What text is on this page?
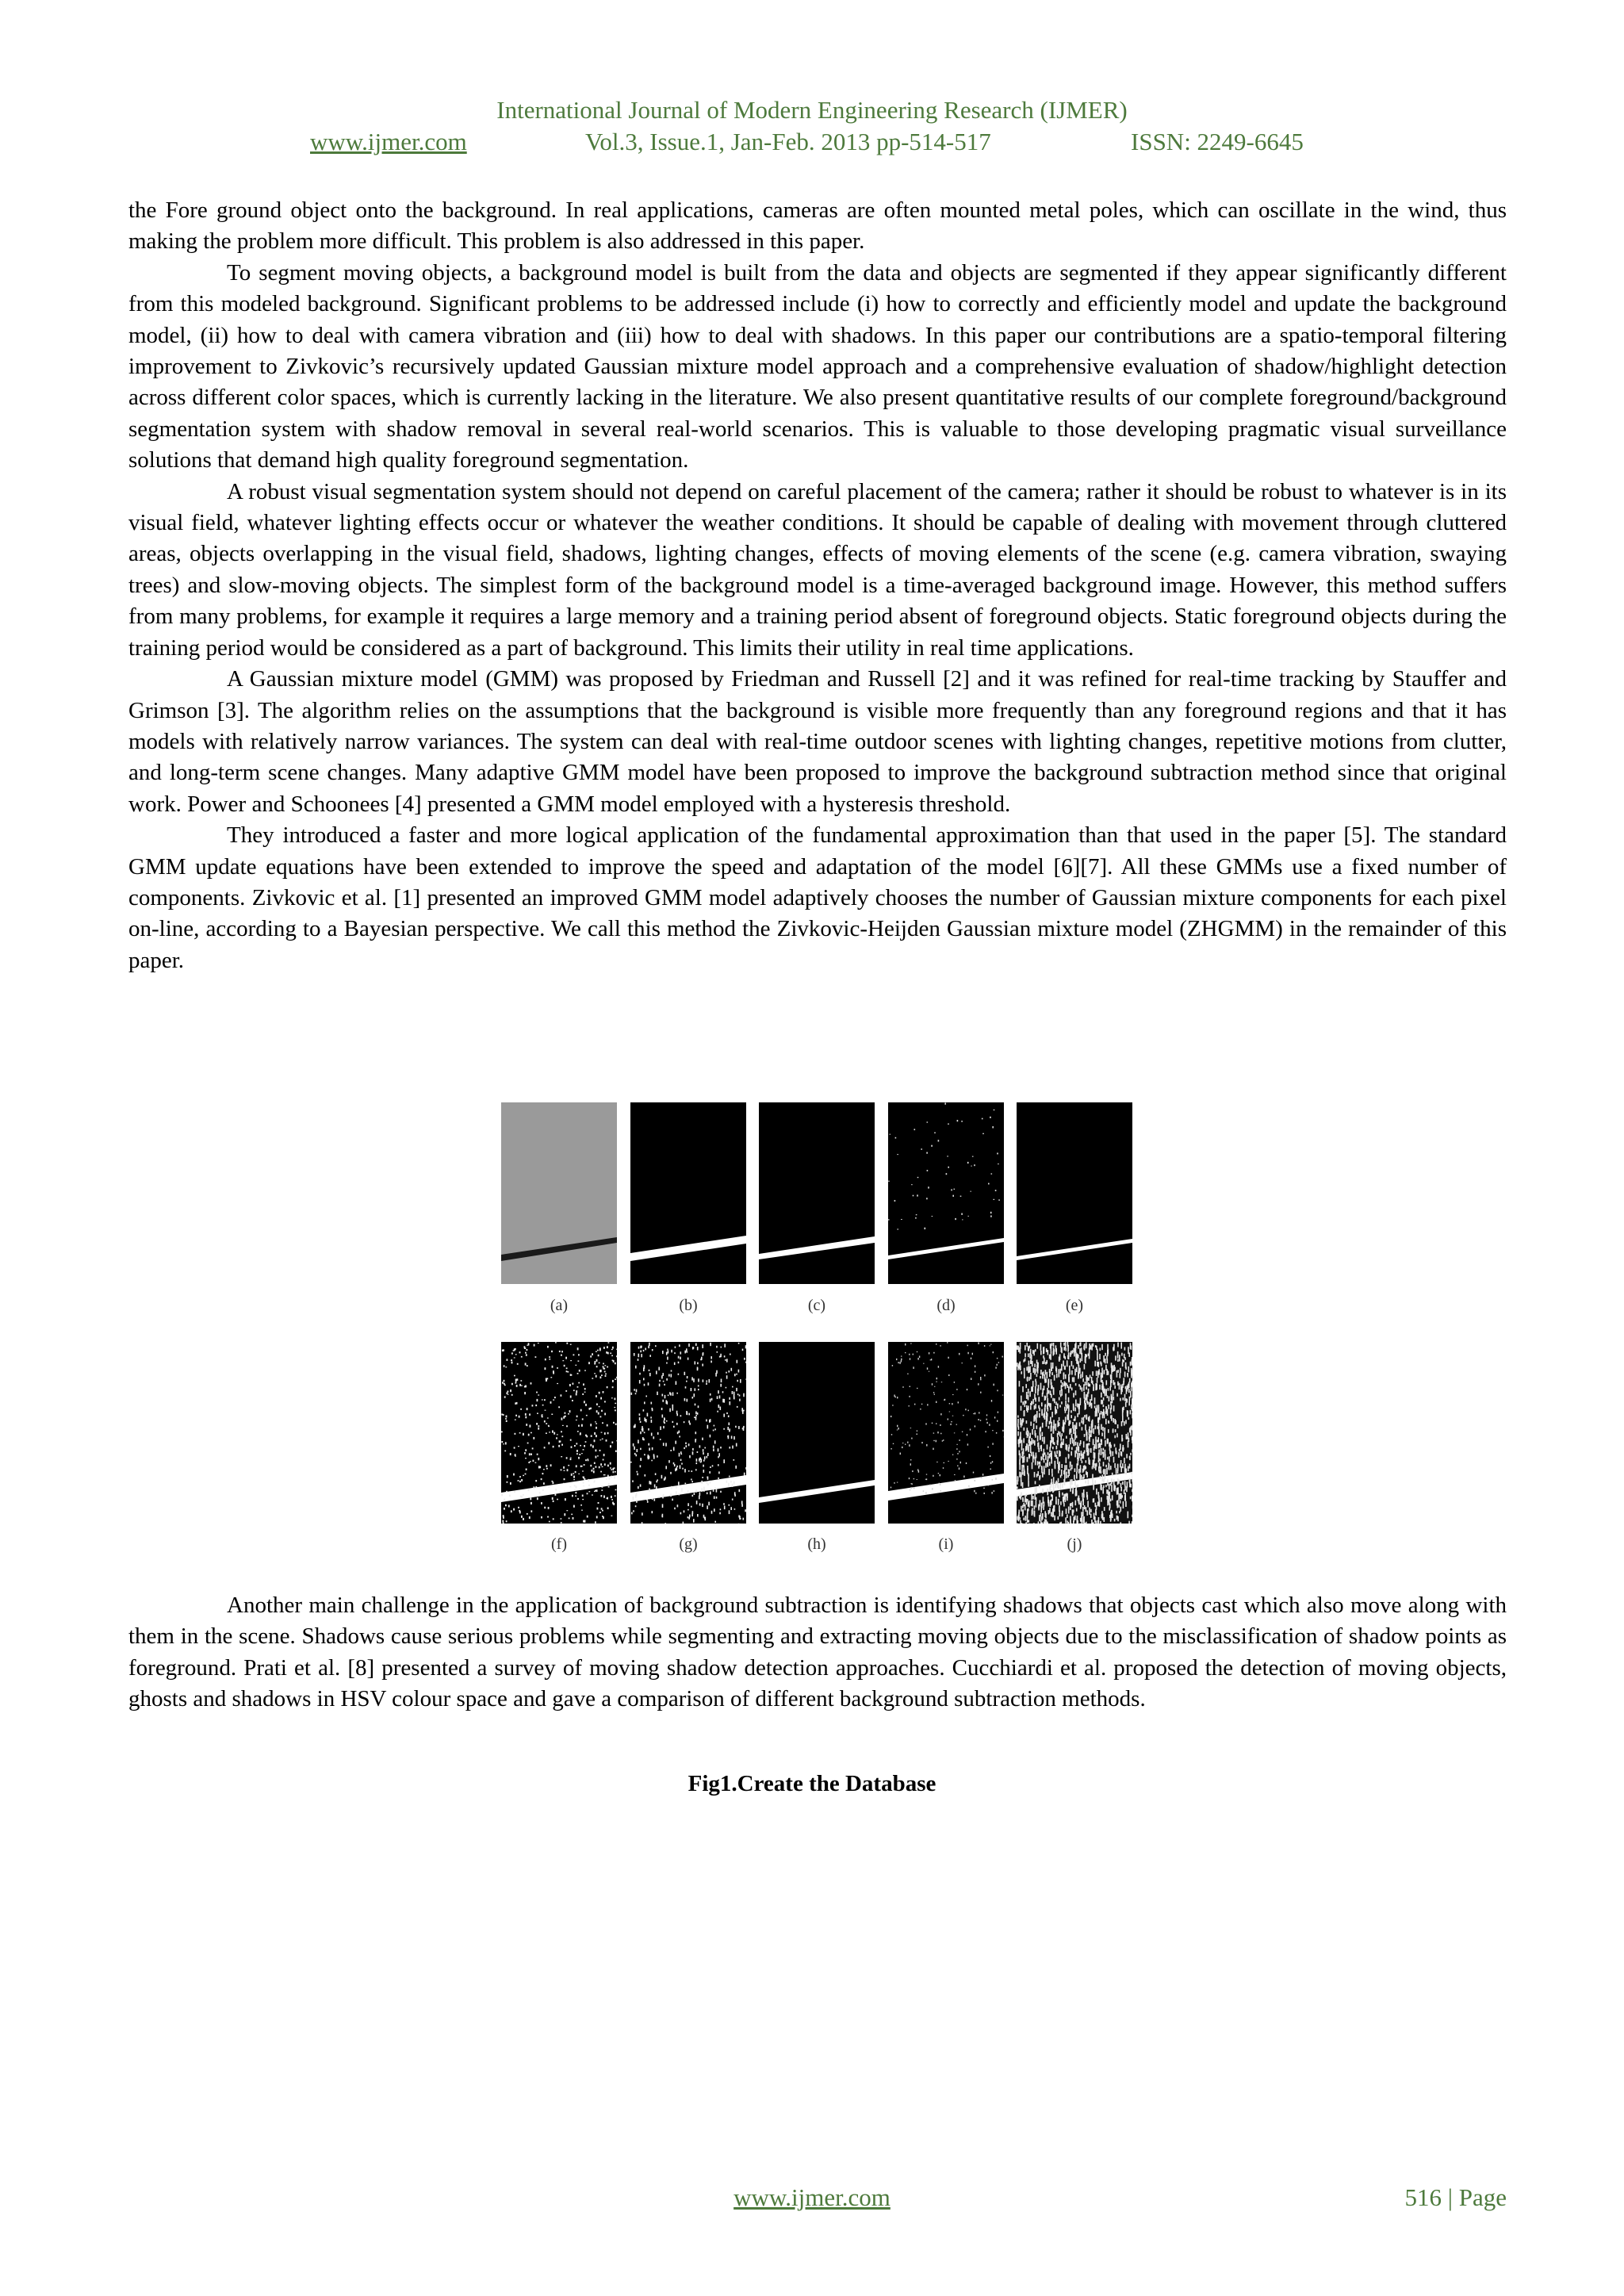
International Journal of Modern Engineering Research (IJMER)
www.ijmer.com	Vol.3, Issue.1, Jan-Feb. 2013 pp-514-517	ISSN: 2249-6645

the Fore ground object onto the background. In real applications, cameras are often mounted metal poles, which can oscillate in the wind, thus making the problem more difficult. This problem is also addressed in this paper.

To segment moving objects, a background model is built from the data and objects are segmented if they appear significantly different from this modeled background. Significant problems to be addressed include (i) how to correctly and efficiently model and update the background model, (ii) how to deal with camera vibration and (iii) how to deal with shadows. In this paper our contributions are a spatio-temporal filtering improvement to Zivkovic’s recursively updated Gaussian mixture model approach and a comprehensive evaluation of shadow/highlight detection across different color spaces, which is currently lacking in the literature. We also present quantitative results of our complete foreground/background segmentation system with shadow removal in several real-world scenarios. This is valuable to those developing pragmatic visual surveillance solutions that demand high quality foreground segmentation.

A robust visual segmentation system should not depend on careful placement of the camera; rather it should be robust to whatever is in its visual field, whatever lighting effects occur or whatever the weather conditions. It should be capable of dealing with movement through cluttered areas, objects overlapping in the visual field, shadows, lighting changes, effects of moving elements of the scene (e.g. camera vibration, swaying trees) and slow-moving objects. The simplest form of the background model is a time-averaged background image. However, this method suffers from many problems, for example it requires a large memory and a training period absent of foreground objects. Static foreground objects during the training period would be considered as a part of background. This limits their utility in real time applications.

A Gaussian mixture model (GMM) was proposed by Friedman and Russell [2] and it was refined for real-time tracking by Stauffer and Grimson [3]. The algorithm relies on the assumptions that the background is visible more frequently than any foreground regions and that it has models with relatively narrow variances. The system can deal with real-time outdoor scenes with lighting changes, repetitive motions from clutter, and long-term scene changes. Many adaptive GMM model have been proposed to improve the background subtraction method since that original work. Power and Schoonees [4] presented a GMM model employed with a hysteresis threshold.

They introduced a faster and more logical application of the fundamental approximation than that used in the paper [5]. The standard GMM update equations have been extended to improve the speed and adaptation of the model [6][7]. All these GMMs use a fixed number of components. Zivkovic et al. [1] presented an improved GMM model adaptively chooses the number of Gaussian mixture components for each pixel on-line, according to a Bayesian perspective. We call this method the Zivkovic-Heijden Gaussian mixture model (ZHGMM) in the remainder of this paper.

(a)	(b)	(c)	(d)	(e)
(f)	(g)	(h)	(i)	(j)

Another main challenge in the application of background subtraction is identifying shadows that objects cast which also move along with them in the scene. Shadows cause serious problems while segmenting and extracting moving objects due to the misclassification of shadow points as foreground. Prati et al. [8] presented a survey of moving shadow detection approaches. Cucchiardi et al. proposed the detection of moving objects, ghosts and shadows in HSV colour space and gave a comparison of different background subtraction methods.

Fig1.Create the Database
www.ijmer.com	516 | Page
